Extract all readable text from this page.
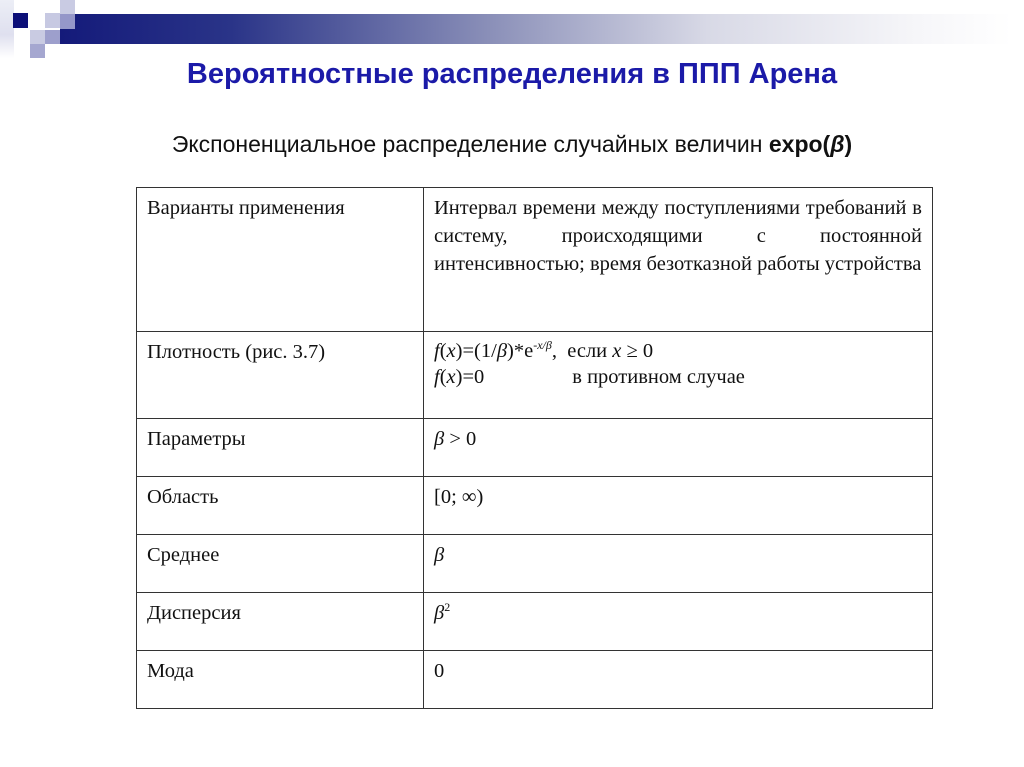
Вероятностные распределения в ППП Арена
Экспоненциальное распределение случайных величин expo(β)
Варианты применения	Интервал времени между поступлениями требований в систему, происходящими с постоянной интенсивностью; время безотказной работы устройства
Плотность (рис. 3.7)	$f(x)=(1/\beta)*e^{-x/\beta}$,  если x ≥ 0
f(x)=0 в противном случае

Параметры	β > 0
Область	[0; ∞)
Среднее	β
Дисперсия	$\beta^2$
Мода	0
